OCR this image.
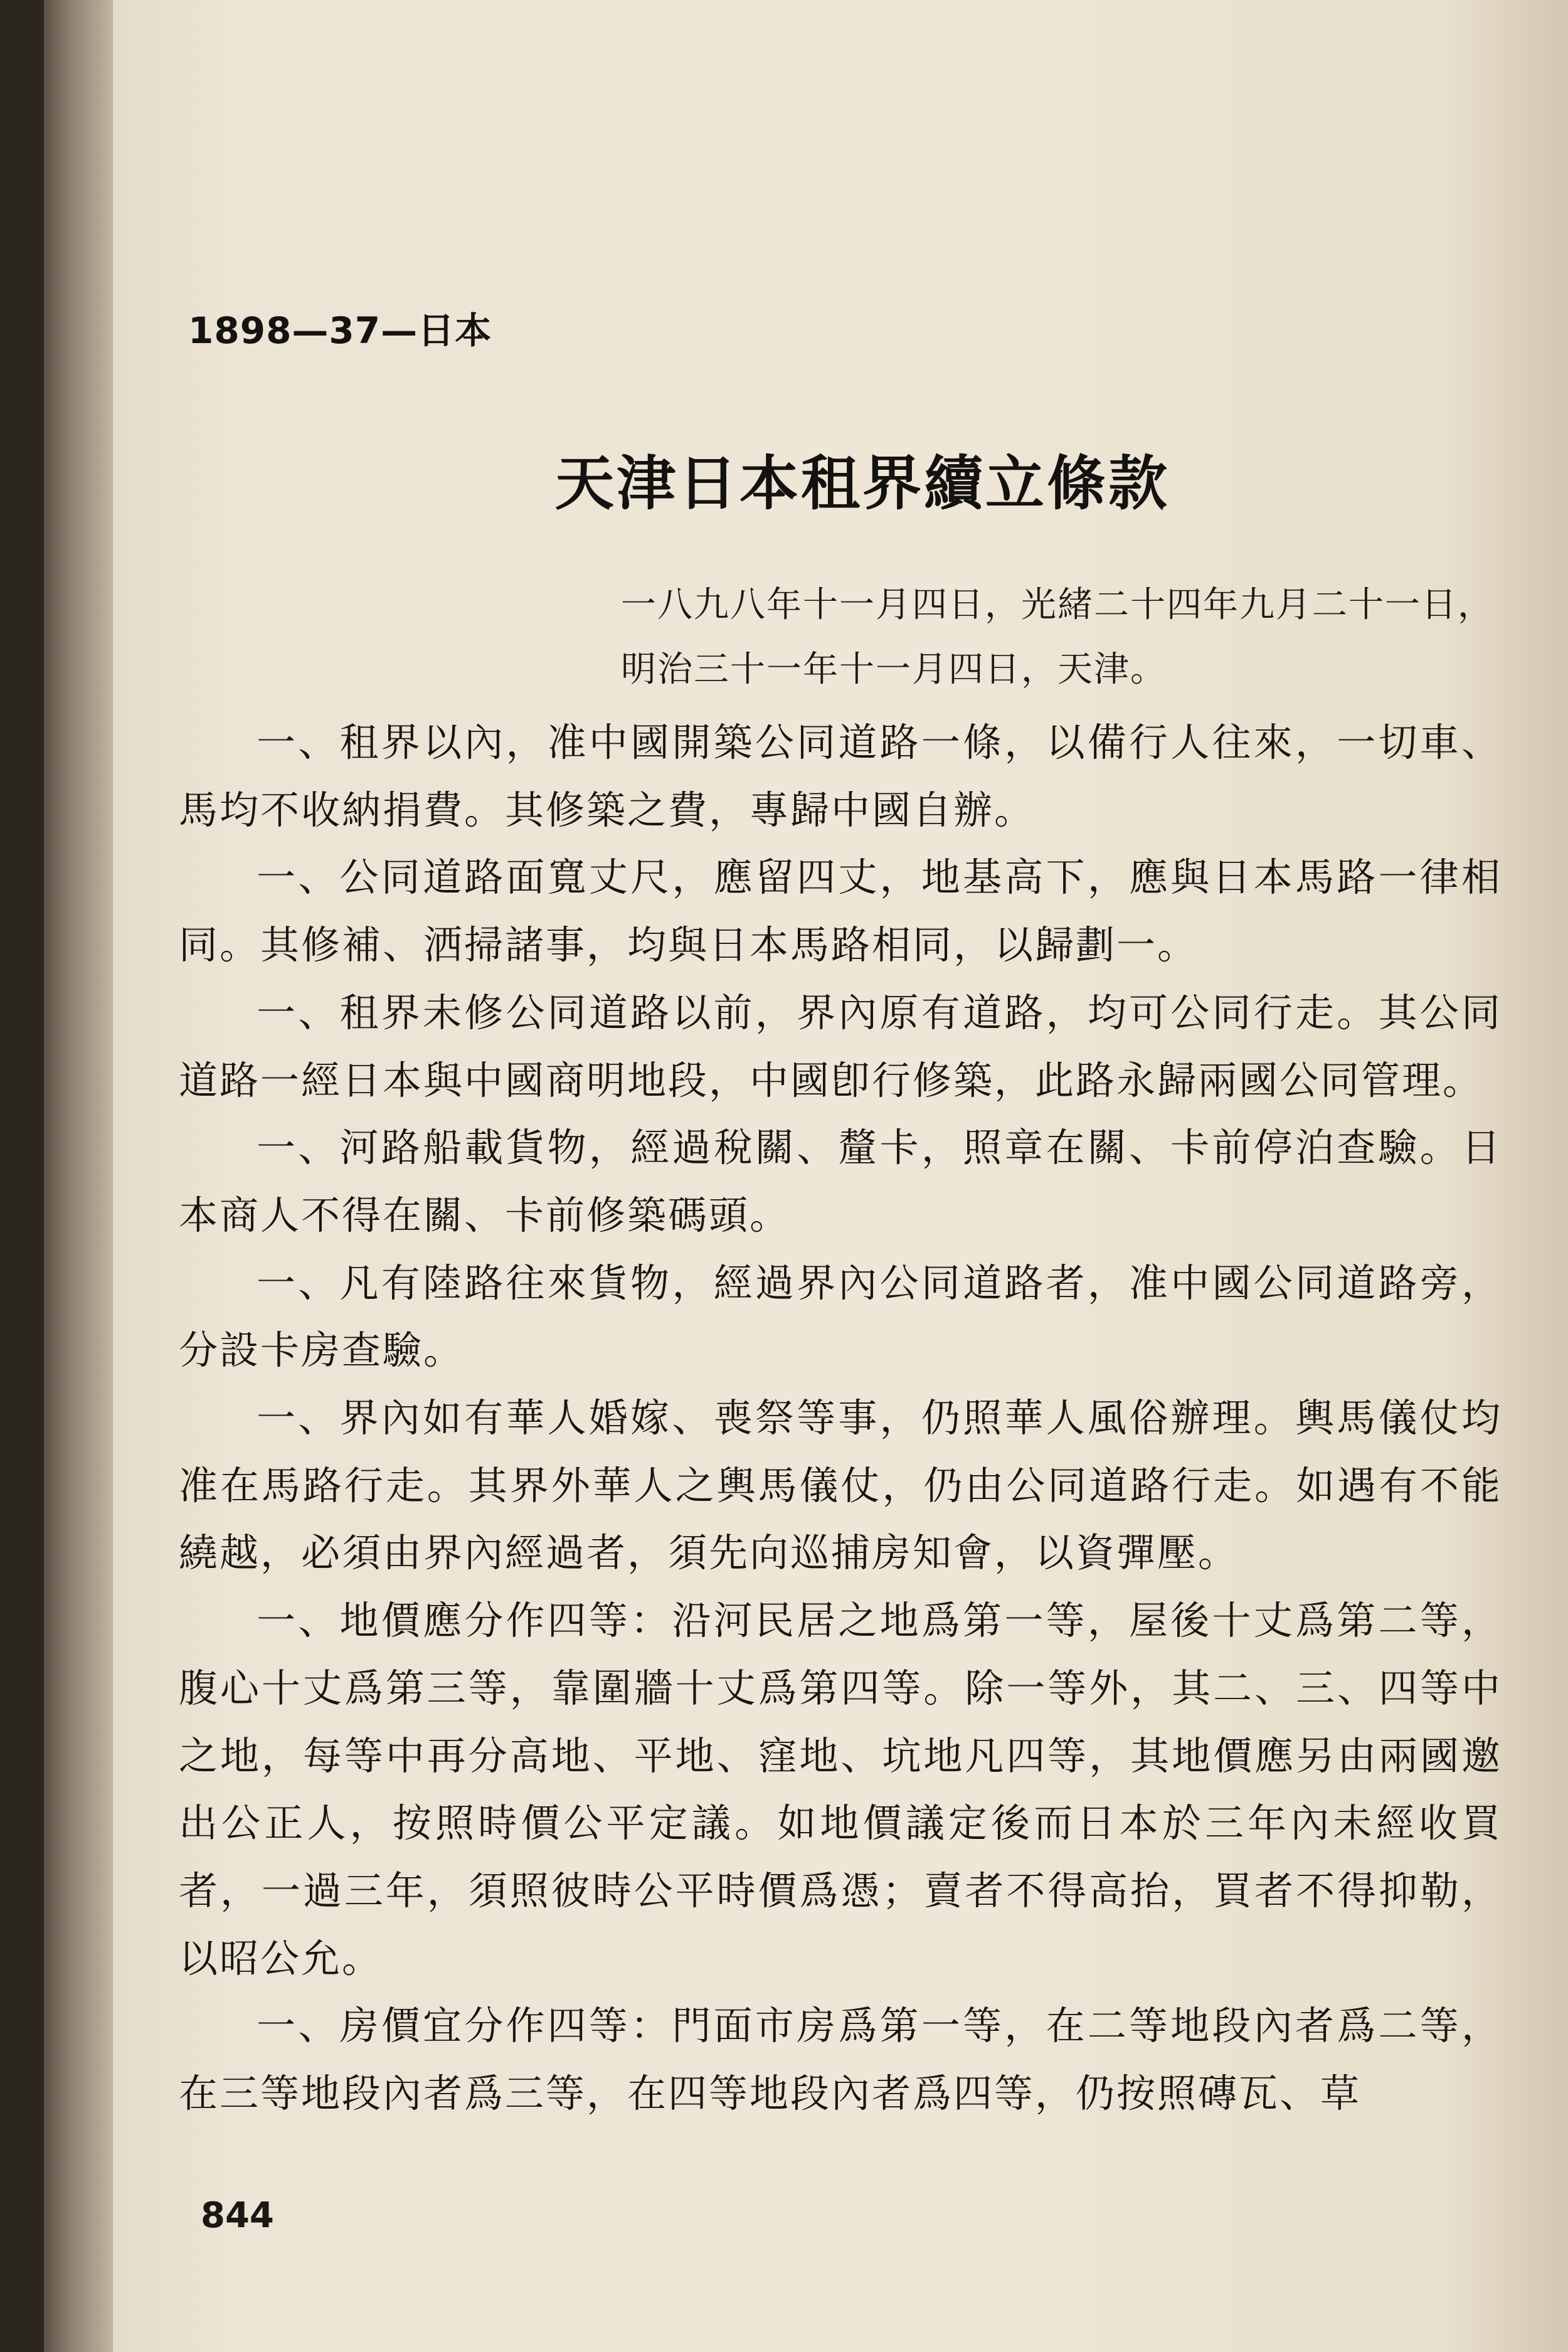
1898—37—日本
天津日本租界續立條款
一八九八年十一月四日，光緒二十四年九月二十一日，
明治三十一年十一月四日，天津。

一、租界以內，准中國開築公同道路一條，以備行人往來，一切車、馬均不收納捐費。其修築之費，專歸中國自辦。

一、公同道路面寬丈尺，應留四丈，地基高下，應與日本馬路一律相同。其修補、洒掃諸事，均與日本馬路相同，以歸劃一。

一、租界未修公同道路以前，界內原有道路，均可公同行走。其公同道路一經日本與中國商明地段，中國卽行修築，此路永歸兩國公同管理。

一、河路船載貨物，經過稅關、釐卡，照章在關、卡前停泊查驗。日本商人不得在關、卡前修築碼頭。

一、凡有陸路往來貨物，經過界內公同道路者，准中國公同道路旁，分設卡房查驗。

一、界內如有華人婚嫁、喪祭等事，仍照華人風俗辦理。輿馬儀仗均准在馬路行走。其界外華人之輿馬儀仗，仍由公同道路行走。如遇有不能繞越，必須由界內經過者，須先向巡捕房知會，以資彈壓。

一、地價應分作四等：沿河民居之地爲第一等，屋後十丈爲第二等，腹心十丈爲第三等，靠圍牆十丈爲第四等。除一等外，其二、三、四等中之地，每等中再分高地、平地、窪地、坑地凡四等，其地價應另由兩國邀出公正人，按照時價公平定議。如地價議定後而日本於三年內未經收買者，一過三年，須照彼時公平時價爲憑；賣者不得高抬，買者不得抑勒，以昭公允。

一、房價宜分作四等：門面市房爲第一等，在二等地段內者爲二等，在三等地段內者爲三等，在四等地段內者爲四等，仍按照磚瓦、草

844
